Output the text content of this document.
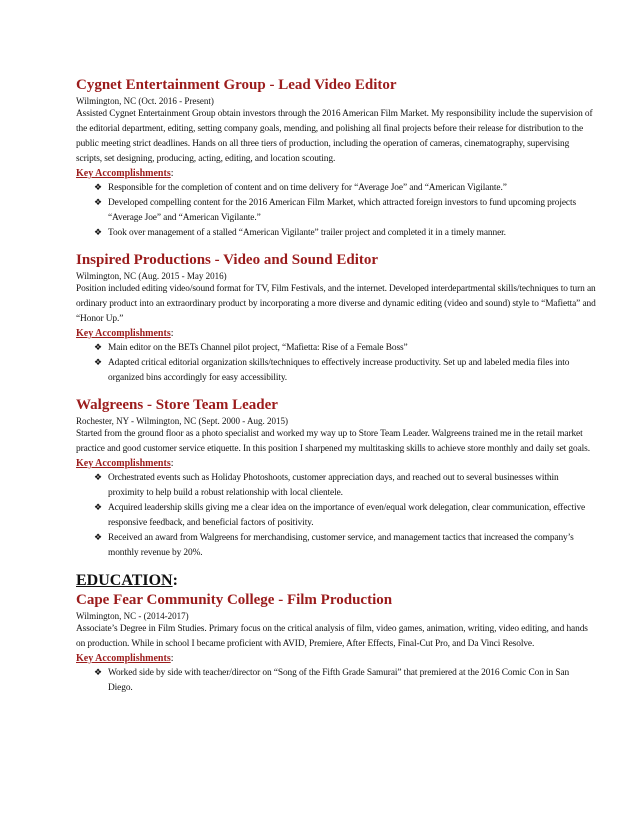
Cygnet Entertainment Group - Lead Video Editor
Wilmington, NC (Oct. 2016 - Present)
Assisted Cygnet Entertainment Group obtain investors through the 2016 American Film Market. My responsibility include the supervision of the editorial department, editing, setting company goals, mending, and polishing all final projects before their release for distribution to the public meeting strict deadlines. Hands on all three tiers of production, including the operation of cameras, cinematography, supervising scripts, set designing, producing, acting, editing, and location scouting.
Key Accomplishments:
❖ Responsible for the completion of content and on time delivery for “Average Joe” and “American Vigilante.”
❖ Developed compelling content for the 2016 American Film Market, which attracted foreign investors to fund upcoming projects “Average Joe” and “American Vigilante.”
❖ Took over management of a stalled “American Vigilante” trailer project and completed it in a timely manner.
Inspired Productions - Video and Sound Editor
Wilmington, NC (Aug. 2015 - May 2016)
Position included editing video/sound format for TV, Film Festivals, and the internet. Developed interdepartmental skills/techniques to turn an ordinary product into an extraordinary product by incorporating a more diverse and dynamic editing (video and sound) style to “Mafietta” and “Honor Up.”
Key Accomplishments:
❖ Main editor on the BETs Channel pilot project, “Mafietta: Rise of a Female Boss”
❖ Adapted critical editorial organization skills/techniques to effectively increase productivity. Set up and labeled media files into organized bins accordingly for easy accessibility.
Walgreens - Store Team Leader
Rochester, NY - Wilmington, NC (Sept. 2000 - Aug. 2015)
Started from the ground floor as a photo specialist and worked my way up to Store Team Leader. Walgreens trained me in the retail market practice and good customer service etiquette. In this position I sharpened my multitasking skills to achieve store monthly and daily set goals.
Key Accomplishments:
❖ Orchestrated events such as Holiday Photoshoots, customer appreciation days, and reached out to several businesses within proximity to help build a robust relationship with local clientele.
❖ Acquired leadership skills giving me a clear idea on the importance of even/equal work delegation, clear communication, effective responsive feedback, and beneficial factors of positivity.
❖ Received an award from Walgreens for merchandising, customer service, and management tactics that increased the company’s monthly revenue by 20%.
EDUCATION:
Cape Fear Community College - Film Production
Wilmington, NC - (2014-2017)
Associate’s Degree in Film Studies. Primary focus on the critical analysis of film, video games, animation, writing, video editing, and hands on production. While in school I became proficient with AVID, Premiere, After Effects, Final-Cut Pro, and Da Vinci Resolve.
Key Accomplishments:
❖ Worked side by side with teacher/director on “Song of the Fifth Grade Samurai” that premiered at the 2016 Comic Con in San Diego.
